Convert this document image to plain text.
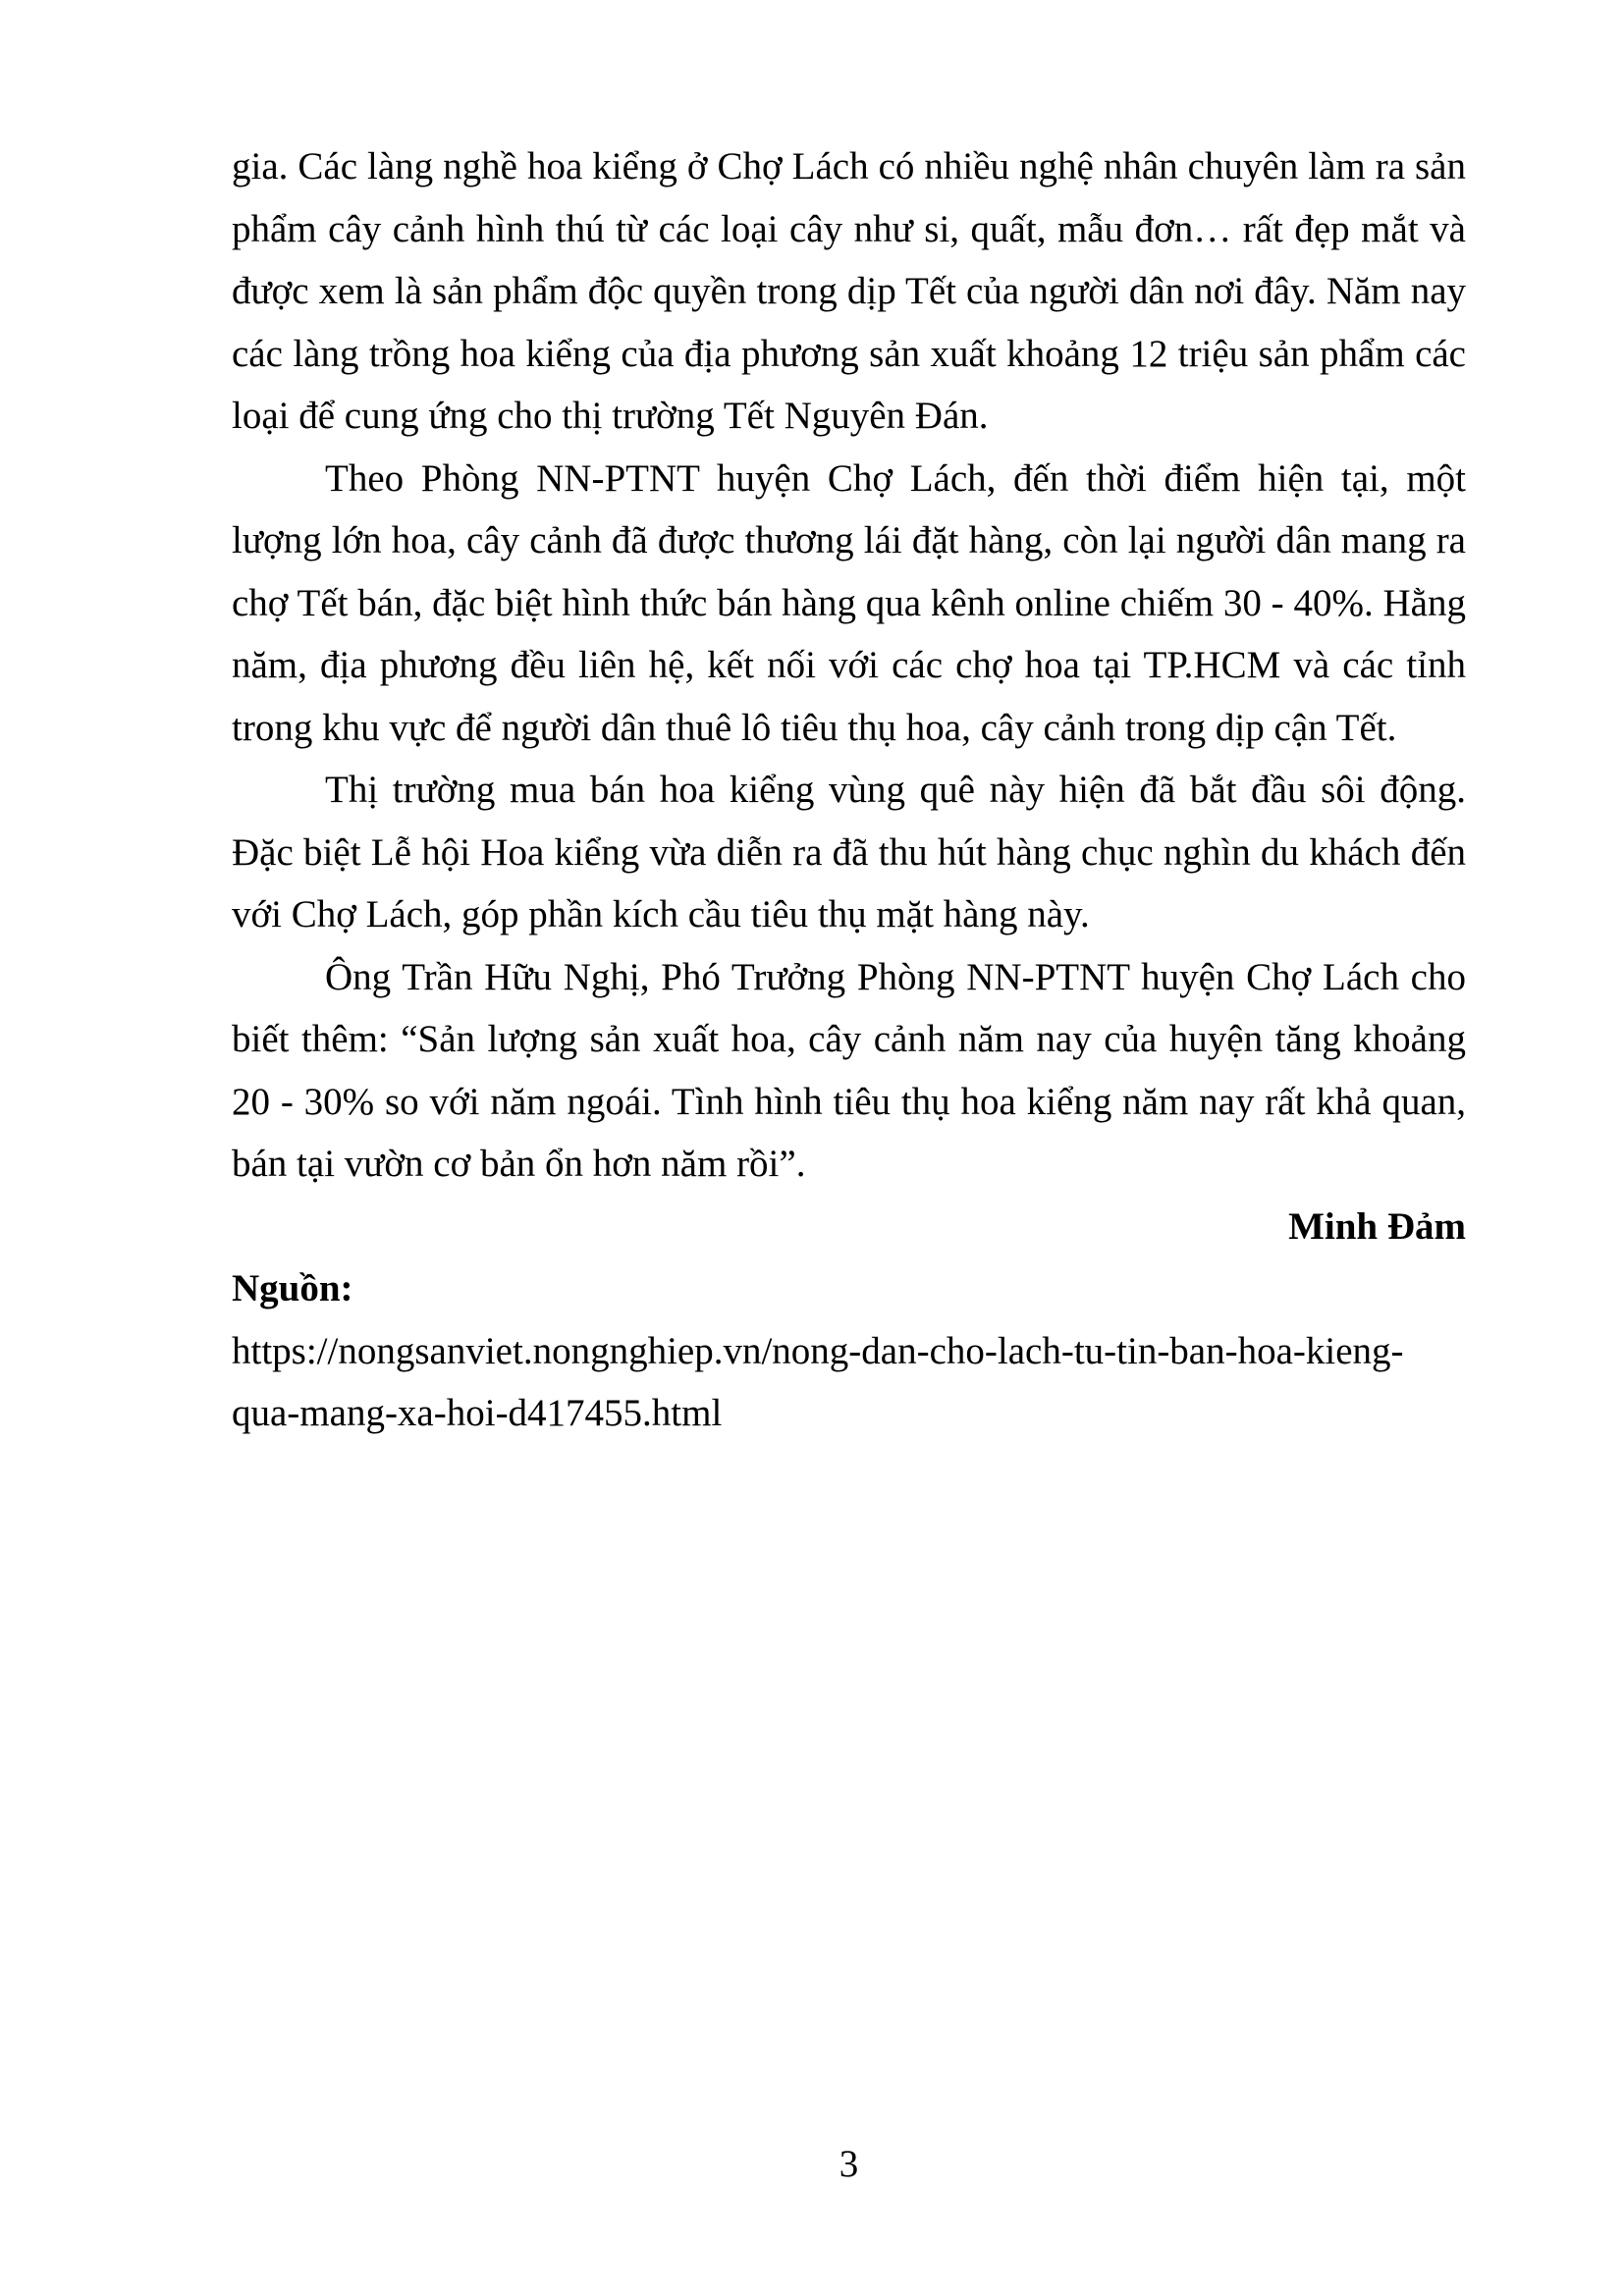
gia. Các làng nghề hoa kiểng ở Chợ Lách có nhiều nghệ nhân chuyên làm ra sản phẩm cây cảnh hình thú từ các loại cây như si, quất, mẫu đơn… rất đẹp mắt và được xem là sản phẩm độc quyền trong dịp Tết của người dân nơi đây. Năm nay các làng trồng hoa kiểng của địa phương sản xuất khoảng 12 triệu sản phẩm các loại để cung ứng cho thị trường Tết Nguyên Đán.

Theo Phòng NN-PTNT huyện Chợ Lách, đến thời điểm hiện tại, một lượng lớn hoa, cây cảnh đã được thương lái đặt hàng, còn lại người dân mang ra chợ Tết bán, đặc biệt hình thức bán hàng qua kênh online chiếm 30 - 40%. Hằng năm, địa phương đều liên hệ, kết nối với các chợ hoa tại TP.HCM và các tỉnh trong khu vực để người dân thuê lô tiêu thụ hoa, cây cảnh trong dịp cận Tết.

Thị trường mua bán hoa kiểng vùng quê này hiện đã bắt đầu sôi động. Đặc biệt Lễ hội Hoa kiểng vừa diễn ra đã thu hút hàng chục nghìn du khách đến với Chợ Lách, góp phần kích cầu tiêu thụ mặt hàng này.

Ông Trần Hữu Nghị, Phó Trưởng Phòng NN-PTNT huyện Chợ Lách cho biết thêm: “Sản lượng sản xuất hoa, cây cảnh năm nay của huyện tăng khoảng 20 - 30% so với năm ngoái. Tình hình tiêu thụ hoa kiểng năm nay rất khả quan, bán tại vườn cơ bản ổn hơn năm rồi”.

Minh Đảm

Nguồn:

https://nongsanviet.nongnghiep.vn/nong-dan-cho-lach-tu-tin-ban-hoa-kieng-qua-mang-xa-hoi-d417455.html

3
